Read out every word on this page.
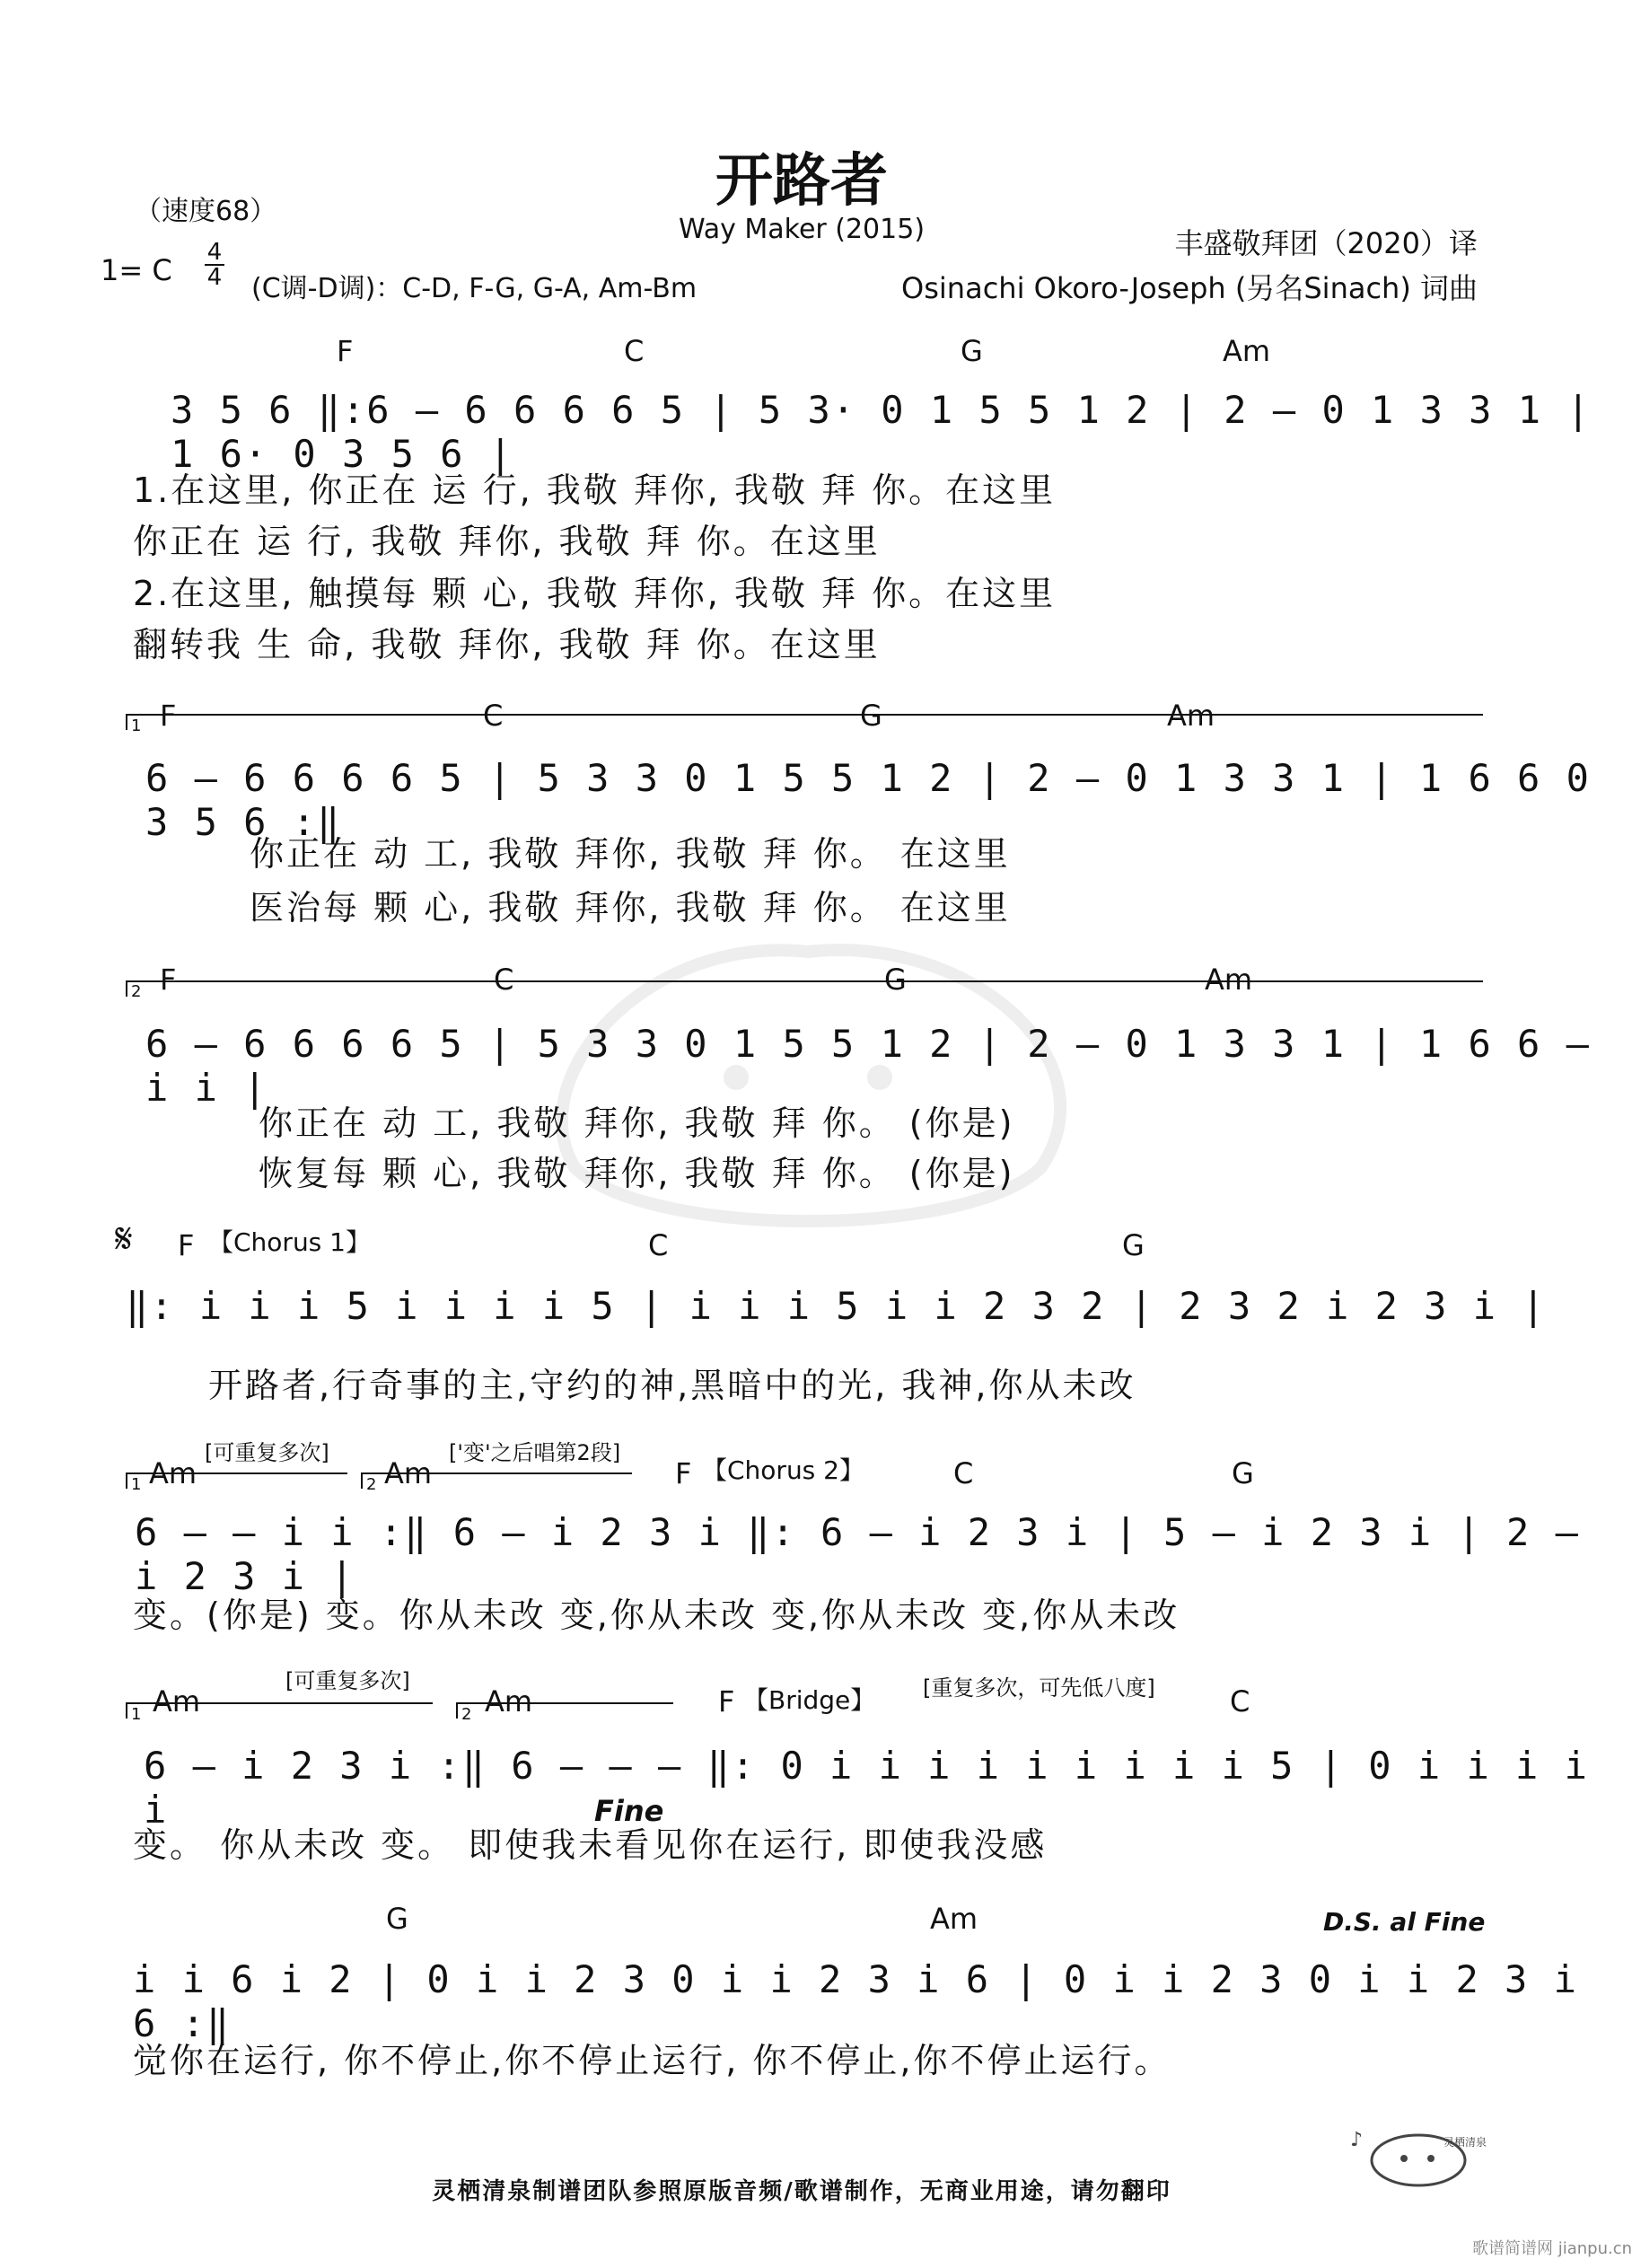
开路者
Way Maker (2015)
（速度68）
1= C
4
4 (C调-D调)：C-D, F-G, G-A, Am-Bm
丰盛敬拜团（2020）译
Osinachi Okoro-Joseph (另名Sinach) 词曲
F	C	G	Am
3 5 6 ‖:6 – 6 6 6 6 5 | 5 3· 0 1 5 5 1 2 | 2 – 0 1 3 3 1 | 1 6· 0 3 5 6 |
1.在这里, 你正在 运 行, 我敬 拜你, 我敬 拜 你。在这里
你正在 运 行, 我敬 拜你, 我敬 拜 你。在这里
2.在这里, 触摸每 颗 心, 我敬 拜你, 我敬 拜 你。在这里
翻转我 生 命, 我敬 拜你, 我敬 拜 你。在这里
1 F	C	G	Am
6 – 6 6 6 6 5 | 5 3 3 0 1 5 5 1 2 | 2 – 0 1 3 3 1 | 1 6 6 0 3 5 6 :‖
你正在 动 工, 我敬 拜你, 我敬 拜 你。 在这里
医治每 颗 心, 我敬 拜你, 我敬 拜 你。 在这里
2 F	C	G	Am
6 – 6 6 6 6 5 | 5 3 3 0 1 5 5 1 2 | 2 – 0 1 3 3 1 | 1 6 6 – i i |
你正在 动 工, 我敬 拜你, 我敬 拜 你。 (你是)
恢复每 颗 心, 我敬 拜你, 我敬 拜 你。 (你是)
𝄋 F 【Chorus 1】	C	G
‖: i i i 5 i i i i 5 | i i i 5 i i 2 3 2 | 2 3 2 i 2 3 i |
开路者,行奇事的主,守约的神,黑暗中的光, 我神,你从未改
[可重复多次]	['变'之后唱第2段]
1	2
Am	Am	F 【Chorus 2】	C	G
6 – – i i :‖ 6 – i 2 3 i ‖: 6 – i 2 3 i | 5 – i 2 3 i | 2 – i 2 3 i |
变。(你是) 变。你从未改 变,你从未改 变,你从未改 变,你从未改
[可重复多次]	[重复多次，可先低八度]
1	2
Am	Am	F 【Bridge】	C
6 – i 2 3 i :‖ 6 – – – ‖: 0 i i i i i i i i i 5 | 0 i i i i i	Fine
变。 你从未改 变。 即使我未看见你在运行, 即使我没感
G	Am	D.S. al Fine
i i 6 i 2 | 0 i i 2 3 0 i i 2 3 i 6 | 0 i i 2 3 0 i i 2 3 i 6 :‖
觉你在运行, 你不停止,你不停止运行, 你不停止,你不停止运行。
灵栖清泉制谱团队参照原版音频/歌谱制作，无商业用途，请勿翻印
灵栖清泉
♪
歌谱简谱网 jianpu.cn
